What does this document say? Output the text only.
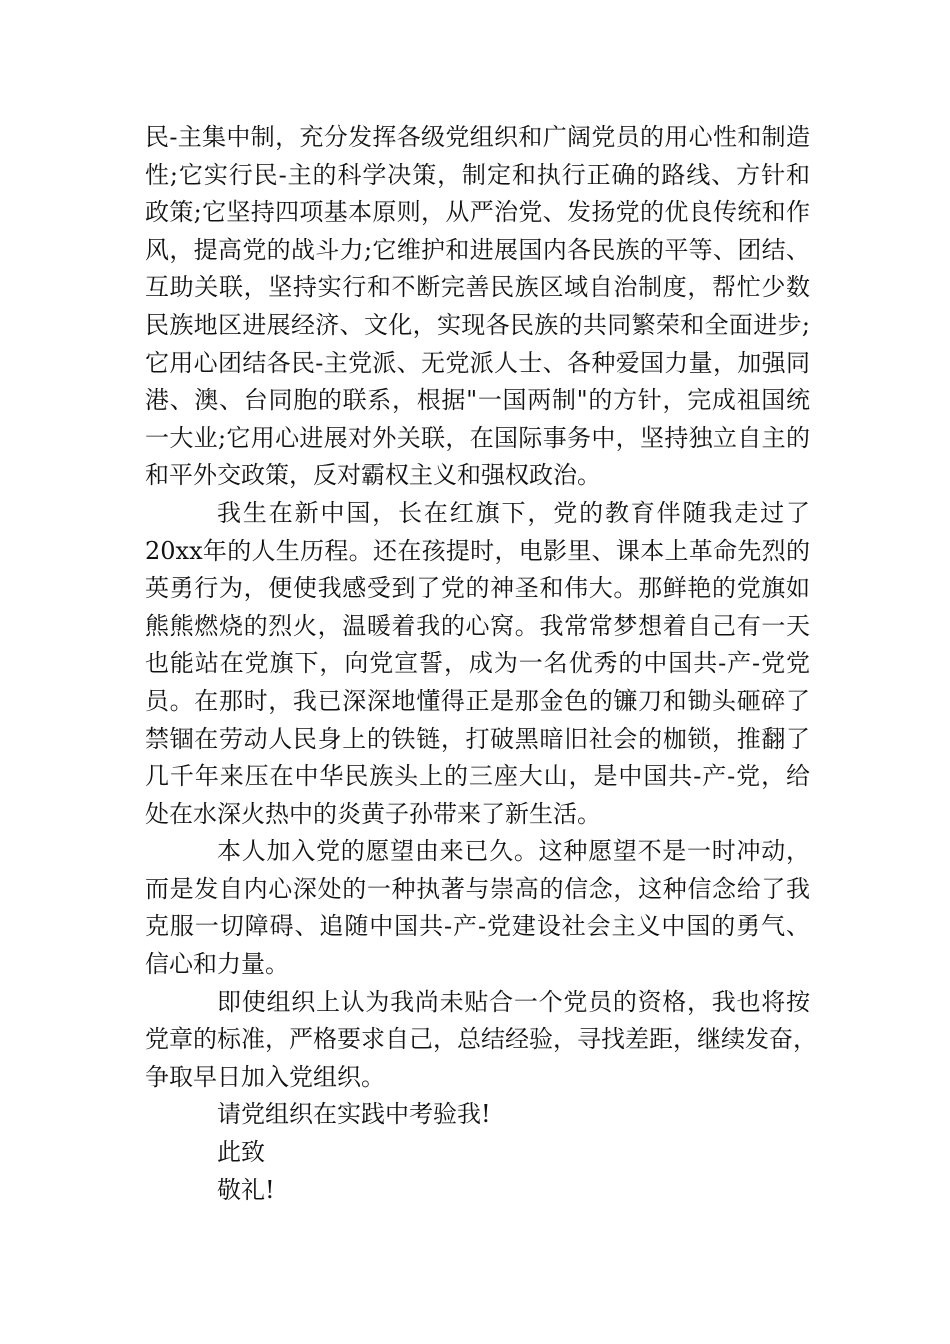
民-主集中制，充分发挥各级党组织和广阔党员的用心性和制造
性;它实行民-主的科学决策，制定和执行正确的路线、方针和
政策;它坚持四项基本原则，从严治党、发扬党的优良传统和作
风，提高党的战斗力;它维护和进展国内各民族的平等、团结、
互助关联，坚持实行和不断完善民族区域自治制度，帮忙少数
民族地区进展经济、文化，实现各民族的共同繁荣和全面进步;
它用心团结各民-主党派、无党派人士、各种爱国力量，加强同
港、澳、台同胞的联系，根据"一国两制"的方针，完成祖国统
一大业;它用心进展对外关联，在国际事务中，坚持独立自主的
和平外交政策，反对霸权主义和强权政治。
我生在新中国，长在红旗下，党的教育伴随我走过了
20xx年的人生历程。还在孩提时，电影里、课本上革命先烈的
英勇行为，便使我感受到了党的神圣和伟大。那鲜艳的党旗如
熊熊燃烧的烈火，温暖着我的心窝。我常常梦想着自己有一天
也能站在党旗下，向党宣誓，成为一名优秀的中国共-产-党党
员。在那时，我已深深地懂得正是那金色的镰刀和锄头砸碎了
禁锢在劳动人民身上的铁链，打破黑暗旧社会的枷锁，推翻了
几千年来压在中华民族头上的三座大山，是中国共-产-党，给
处在水深火热中的炎黄子孙带来了新生活。
本人加入党的愿望由来已久。这种愿望不是一时冲动，
而是发自内心深处的一种执著与崇高的信念，这种信念给了我
克服一切障碍、追随中国共-产-党建设社会主义中国的勇气、
信心和力量。
即使组织上认为我尚未贴合一个党员的资格，我也将按
党章的标准，严格要求自己，总结经验，寻找差距，继续发奋，
争取早日加入党组织。
请党组织在实践中考验我!
此致
敬礼!
